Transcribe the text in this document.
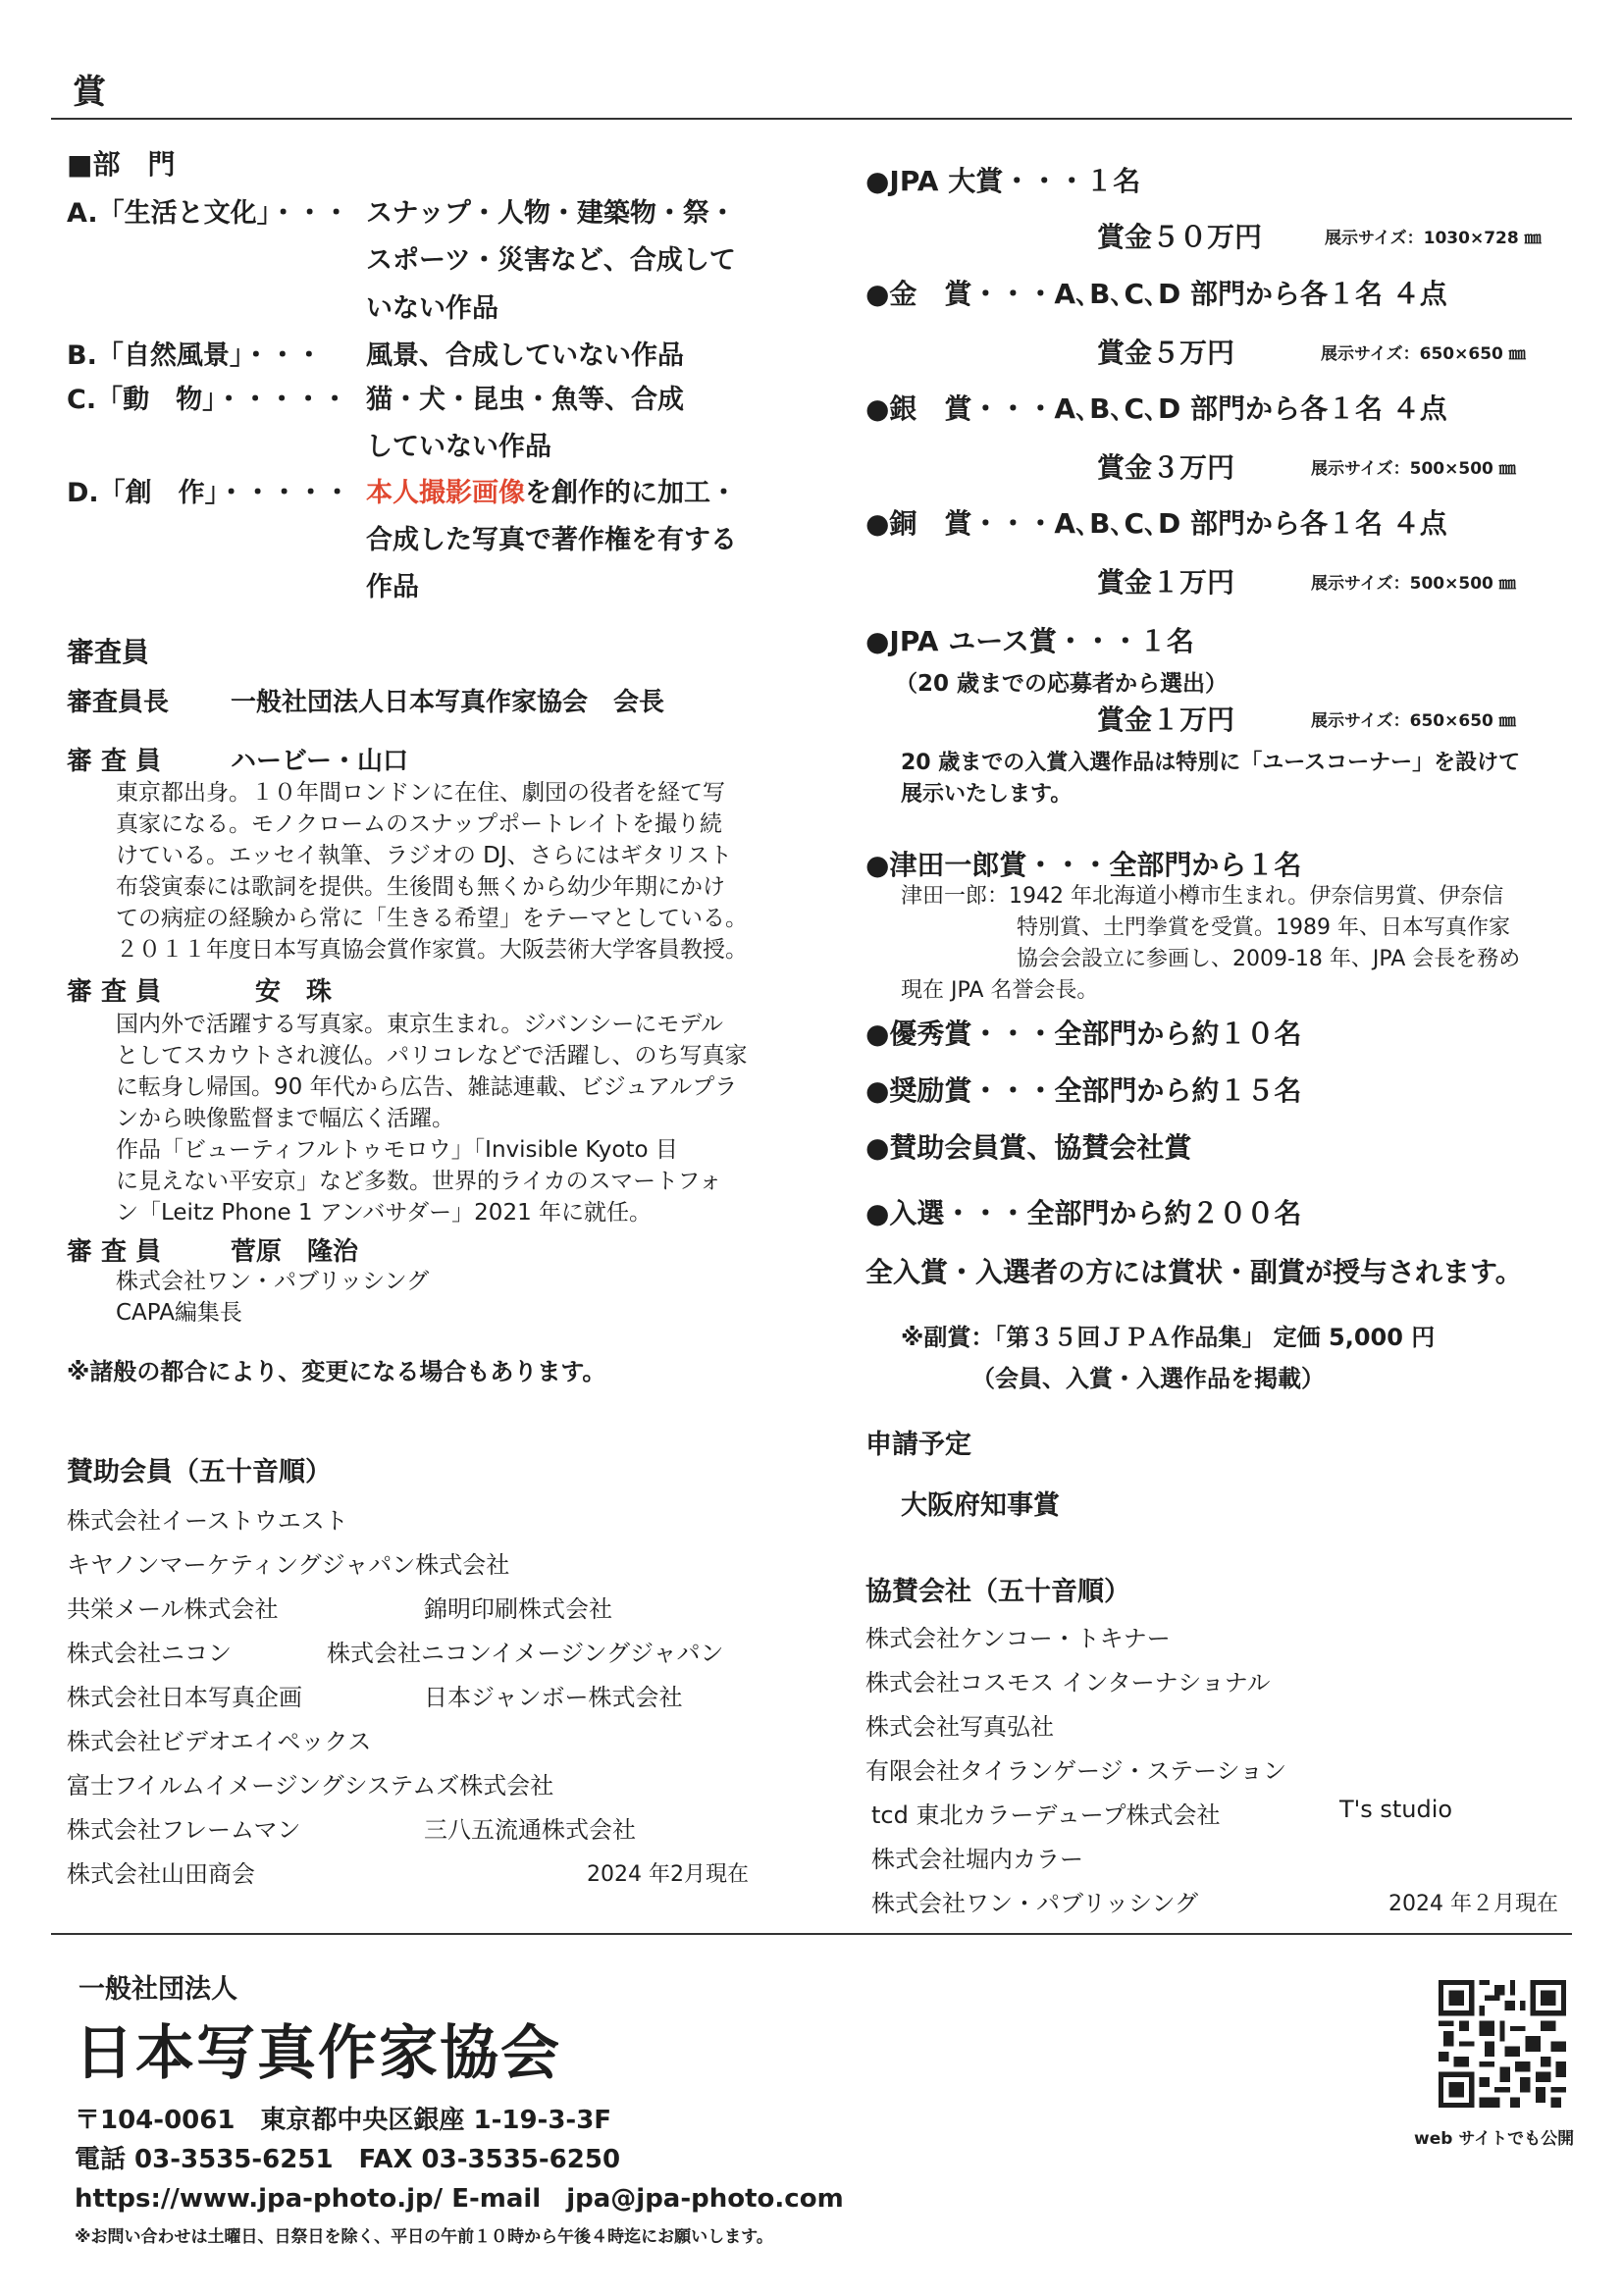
賞
■部　門
A.「生活と文化」・・・ スナップ・人物・建築物・祭・
スポーツ・災害など、合成して
いない作品
B.「自然風景」・・・ 風景、合成していない作品
C.「動　物」・・・・・ 猫・犬・昆虫・魚等、合成
していない作品
D.「創　作」・・・・・ 本人撮影画像を創作的に加工・
合成した写真で著作権を有する
作品
審査員
審査員長 一般社団法人日本写真作家協会　会長
審 査 員	ハービー・山口
東京都出身。１０年間ロンドンに在住、劇団の役者を経て写
真家になる。モノクロームのスナップポートレイトを撮り続
けている。エッセイ執筆、ラジオの DJ、さらにはギタリスト
布袋寅泰には歌詞を提供。生後間も無くから幼少年期にかけ
ての病症の経験から常に「生きる希望」をテーマとしている。
２０１１年度日本写真協会賞作家賞。大阪芸術大学客員教授。
審 査 員	安　珠
国内外で活躍する写真家。東京生まれ。ジバンシーにモデル
としてスカウトされ渡仏。パリコレなどで活躍し、のち写真家
に転身し帰国。90 年代から広告、雑誌連載、ビジュアルプラ
ンから映像監督まで幅広く活躍。
作品「ビューティフルトゥモロウ」「Invisible Kyoto 目
に見えない平安京」など多数。世界的ライカのスマートフォ
ン「Leitz Phone 1 アンバサダー」2021 年に就任。
審 査 員	菅原　隆治
株式会社ワン・パブリッシング
CAPA編集長
※諸般の都合により、変更になる場合もあります。
賛助会員（五十音順）
株式会社イーストウエスト
キヤノンマーケティングジャパン株式会社
共栄メール株式会社	錦明印刷株式会社
株式会社ニコン	株式会社ニコンイメージングジャパン
株式会社日本写真企画	日本ジャンボー株式会社
株式会社ビデオエイペックス
富士フイルムイメージングシステムズ株式会社
株式会社フレームマン	三八五流通株式会社
株式会社山田商会	2024 年2月現在
●JPA 大賞・・・１名
賞金５０万円	展示サイズ：1030×728 ㎜
●金　賞・・・A､B､C､D 部門から各１名 ４点
賞金５万円	展示サイズ：650×650 ㎜
●銀　賞・・・A､B､C､D 部門から各１名 ４点
賞金３万円	展示サイズ：500×500 ㎜
●銅　賞・・・A､B､C､D 部門から各１名 ４点
賞金１万円	展示サイズ：500×500 ㎜
●JPA ユース賞・・・１名
（20 歳までの応募者から選出）
賞金１万円	展示サイズ：650×650 ㎜
20 歳までの入賞入選作品は特別に「ユースコーナー」を設けて
展示いたします。
●津田一郎賞・・・全部門から１名
津田一郎：1942 年北海道小樽市生まれ。伊奈信男賞、伊奈信
特別賞、土門拳賞を受賞。1989 年、日本写真作家
協会会設立に参画し、2009-18 年、JPA 会長を務め
現在 JPA 名誉会長。
●優秀賞・・・全部門から約１０名
●奨励賞・・・全部門から約１５名
●賛助会員賞、協賛会社賞
●入選・・・全部門から約２００名
全入賞・入選者の方には賞状・副賞が授与されます。
※副賞：「第３５回ＪＰＡ作品集」 定価 5,000 円
（会員、入賞・入選作品を掲載）
申請予定
大阪府知事賞
協賛会社（五十音順）
株式会社ケンコー・トキナー
株式会社コスモス インターナショナル
株式会社写真弘社
有限会社タイランゲージ・ステーション
tcd 東北カラーデュープ株式会社	T's studio
株式会社堀内カラー
株式会社ワン・パブリッシング	2024 年２月現在
一般社団法人
日本写真作家協会
〒104-0061　東京都中央区銀座 1-19-3-3F
電話 03-3535-6251　FAX 03-3535-6250
https://www.jpa-photo.jp/ E-mail　jpa@jpa-photo.com
※お問い合わせは土曜日、日祭日を除く、平日の午前１０時から午後４時迄にお願いします。
web サイトでも公開
